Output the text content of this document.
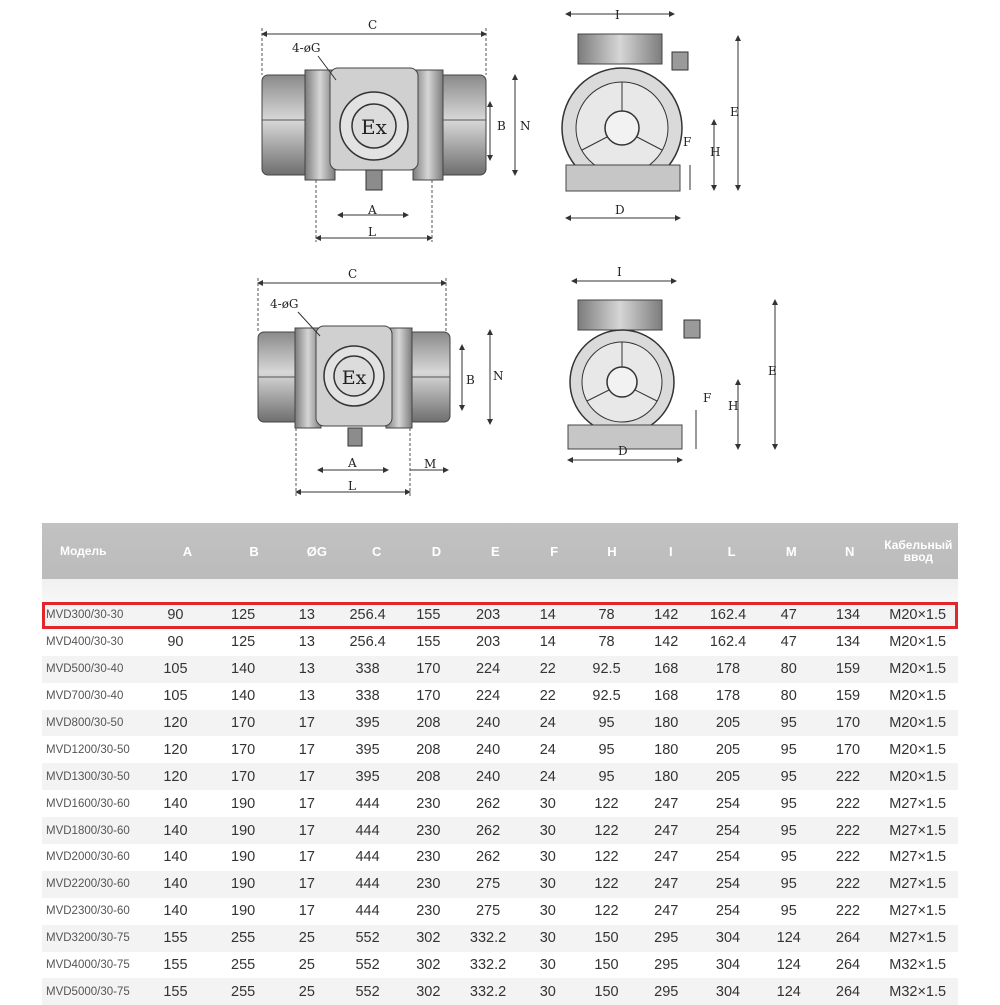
Ex
C
4-øG
B N
A
L
I
E
F
H
D
Ex
C
4-øG
B N
A
L
M
I
E
F
H
D
Модель	A	B	ØG	C	D	E	F	H	I	L	M	N	Кабельный ввод
MVD300/30-30	90	125	13	256.4	155	203	14	78	142	162.4	47	134	M20×1.5
MVD400/30-30	90	125	13	256.4	155	203	14	78	142	162.4	47	134	M20×1.5
MVD500/30-40	105	140	13	338	170	224	22	92.5	168	178	80	159	M20×1.5
MVD700/30-40	105	140	13	338	170	224	22	92.5	168	178	80	159	M20×1.5
MVD800/30-50	120	170	17	395	208	240	24	95	180	205	95	170	M20×1.5
MVD1200/30-50	120	170	17	395	208	240	24	95	180	205	95	170	M20×1.5
MVD1300/30-50	120	170	17	395	208	240	24	95	180	205	95	222	M20×1.5
MVD1600/30-60	140	190	17	444	230	262	30	122	247	254	95	222	M27×1.5
MVD1800/30-60	140	190	17	444	230	262	30	122	247	254	95	222	M27×1.5
MVD2000/30-60	140	190	17	444	230	262	30	122	247	254	95	222	M27×1.5
MVD2200/30-60	140	190	17	444	230	275	30	122	247	254	95	222	M27×1.5
MVD2300/30-60	140	190	17	444	230	275	30	122	247	254	95	222	M27×1.5
MVD3200/30-75	155	255	25	552	302	332.2	30	150	295	304	124	264	M27×1.5
MVD4000/30-75	155	255	25	552	302	332.2	30	150	295	304	124	264	M32×1.5
MVD5000/30-75	155	255	25	552	302	332.2	30	150	295	304	124	264	M32×1.5
